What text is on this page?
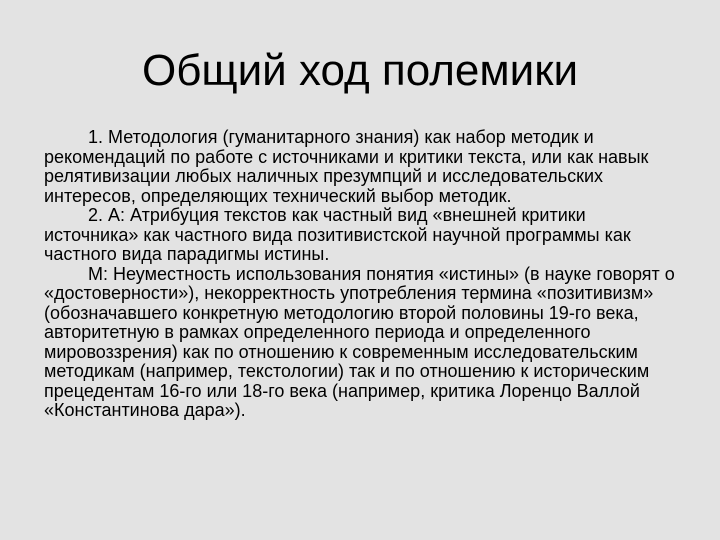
Общий ход полемики

1. Методология (гуманитарного знания) как набор методик и рекомендаций по работе с источниками и критики текста, или как навык релятивизации любых наличных презумпций и исследовательских интересов, определяющих технический выбор методик.

2. А: Атрибуция текстов как частный вид «внешней критики источника» как частного вида позитивистской научной программы как частного вида парадигмы истины.

М: Неуместность использования понятия «истины» (в науке говорят о «достоверности»), некорректность употребления термина «позитивизм» (обозначавшего конкретную методологию второй половины 19-го века, авторитетную в рамках определенного периода и определенного мировоззрения) как по отношению к современным исследовательским методикам (например, текстологии) так и по отношению к историческим прецедентам 16-го или 18-го века (например, критика Лоренцо Валлой «Константинова дара»).
